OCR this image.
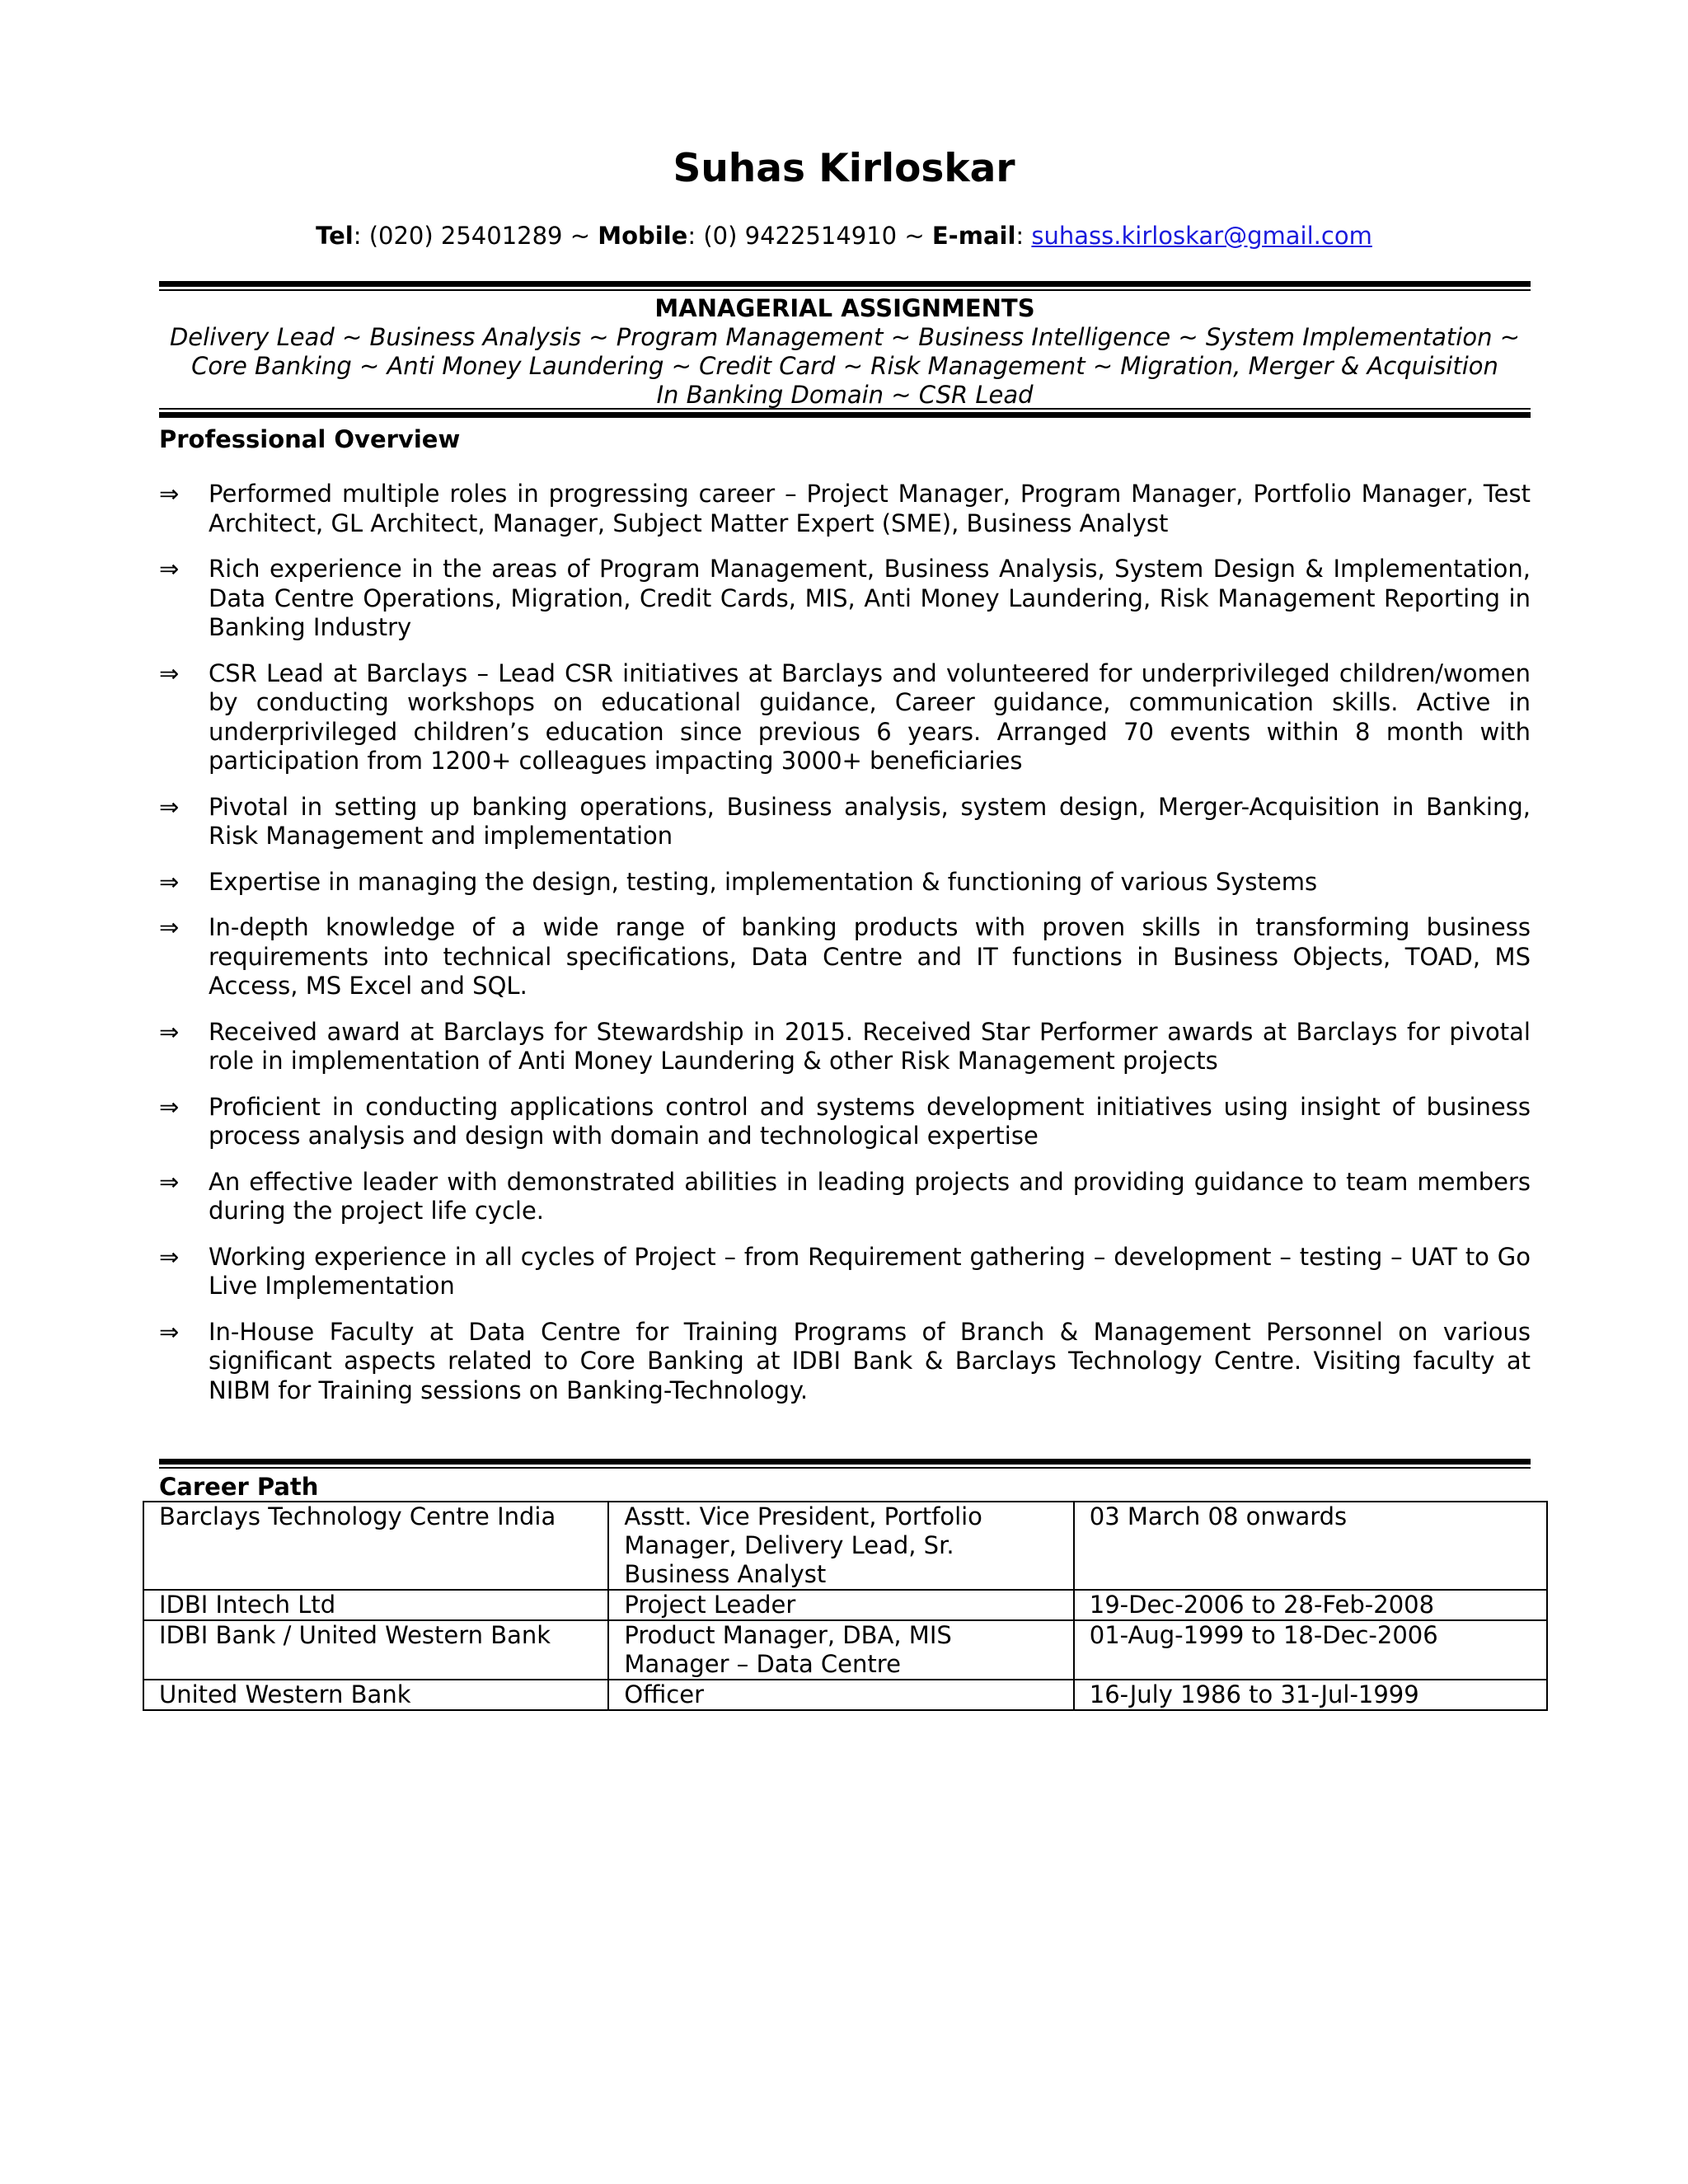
Suhas Kirloskar
Tel: (020) 25401289 ~ Mobile: (0) 9422514910 ~ E-mail: suhass.kirloskar@gmail.com
MANAGERIAL ASSIGNMENTS
Delivery Lead ~ Business Analysis ~ Program Management ~ Business Intelligence ~ System Implementation ~
Core Banking ~ Anti Money Laundering ~ Credit Card ~ Risk Management ~ Migration, Merger & Acquisition
In Banking Domain ~ CSR Lead
Professional Overview
⇒	Performed multiple roles in progressing career – Project Manager, Program Manager, Portfolio Manager, Test Architect, GL Architect, Manager, Subject Matter Expert (SME), Business Analyst
⇒	Rich experience in the areas of Program Management, Business Analysis, System Design & Implementation, Data Centre Operations, Migration, Credit Cards, MIS, Anti Money Laundering, Risk Management Reporting in Banking Industry
⇒	CSR Lead at Barclays – Lead CSR initiatives at Barclays and volunteered for underprivileged children/women by conducting workshops on educational guidance, Career guidance, communication skills. Active in underprivileged children’s education since previous 6 years. Arranged 70 events within 8 month with participation from 1200+ colleagues impacting 3000+ beneficiaries
⇒	Pivotal in setting up banking operations, Business analysis, system design, Merger-Acquisition in Banking, Risk Management and implementation
⇒	Expertise in managing the design, testing, implementation & functioning of various Systems
⇒	In-depth knowledge of a wide range of banking products with proven skills in transforming business requirements into technical specifications, Data Centre and IT functions in Business Objects, TOAD, MS Access, MS Excel and SQL.
⇒	Received award at Barclays for Stewardship in 2015. Received Star Performer awards at Barclays for pivotal role in implementation of Anti Money Laundering & other Risk Management projects
⇒	Proficient in conducting applications control and systems development initiatives using insight of business process analysis and design with domain and technological expertise
⇒	An effective leader with demonstrated abilities in leading projects and providing guidance to team members during the project life cycle.
⇒	Working experience in all cycles of Project – from Requirement gathering – development – testing – UAT to Go Live Implementation
⇒	In-House Faculty at Data Centre for Training Programs of Branch & Management Personnel on various significant aspects related to Core Banking at IDBI Bank & Barclays Technology Centre. Visiting faculty at NIBM for Training sessions on Banking-Technology.
Career Path
Barclays Technology Centre India	Asstt. Vice President, Portfolio Manager, Delivery Lead, Sr. Business Analyst	03 March 08 onwards
IDBI Intech Ltd	Project Leader	19-Dec-2006 to 28-Feb-2008
IDBI Bank / United Western Bank	Product Manager, DBA, MIS Manager – Data Centre	01-Aug-1999 to 18-Dec-2006
United Western Bank	Officer	16-July 1986 to 31-Jul-1999
